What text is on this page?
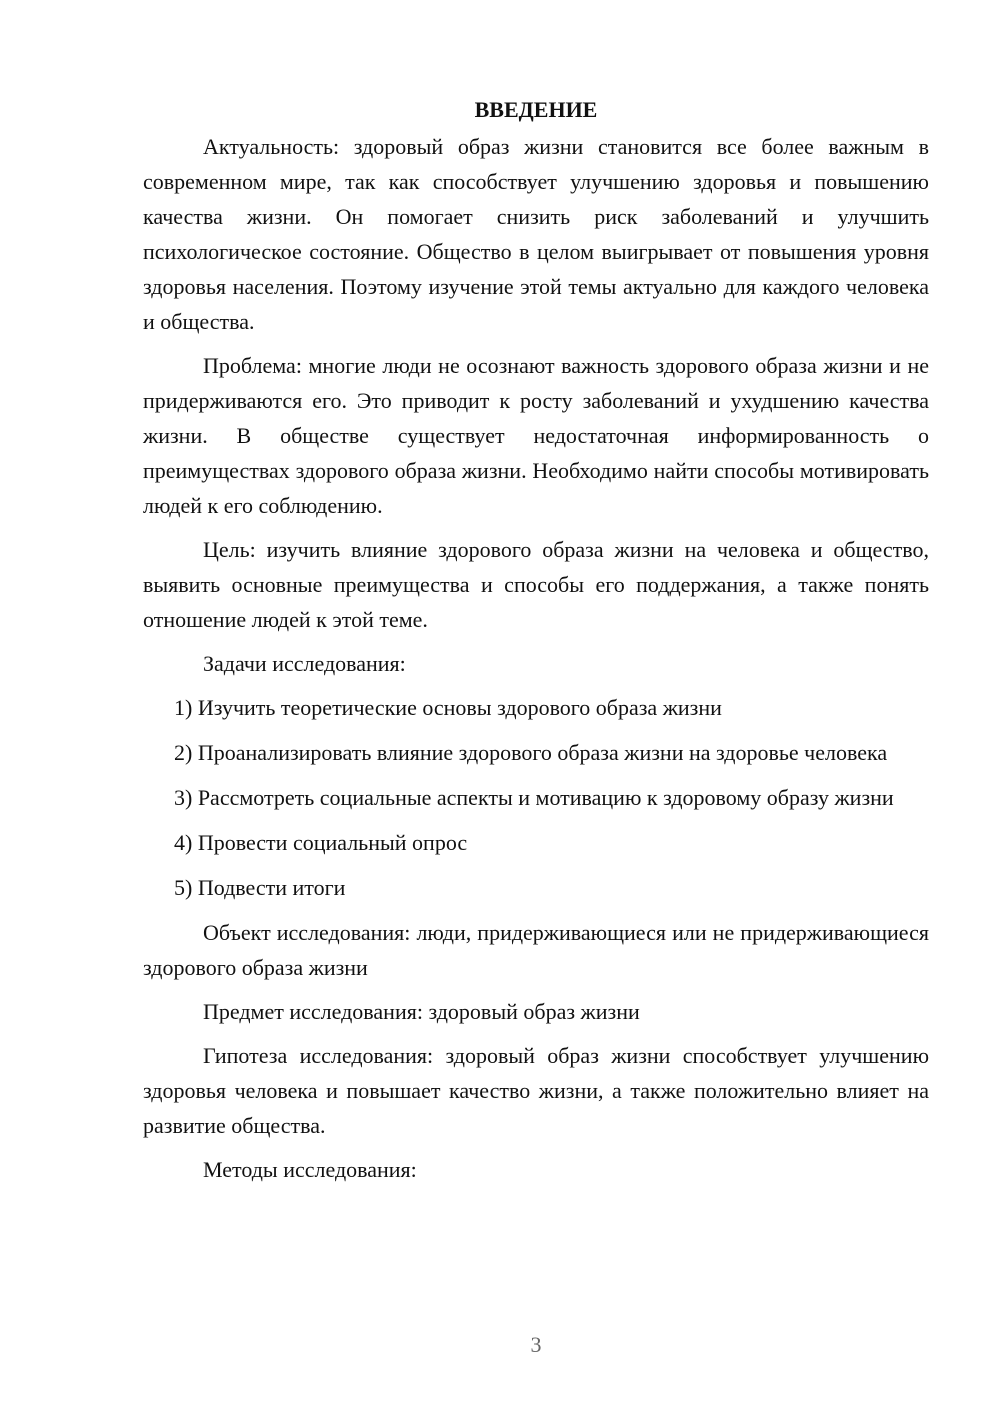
ВВЕДЕНИЕ

Актуальность: здоровый образ жизни становится все более важным в современном мире, так как способствует улучшению здоровья и повышению качества жизни. Он помогает снизить риск заболеваний и улучшить психологическое состояние. Общество в целом выигрывает от повышения уровня здоровья населения. Поэтому изучение этой темы актуально для каждого человека и общества.

Проблема: многие люди не осознают важность здорового образа жизни и не придерживаются его. Это приводит к росту заболеваний и ухудшению качества жизни. В обществе существует недостаточная информированность о преимуществах здорового образа жизни. Необходимо найти способы мотивировать людей к его соблюдению.

Цель: изучить влияние здорового образа жизни на человека и общество, выявить основные преимущества и способы его поддержания, а также понять отношение людей к этой теме.

Задачи исследования:

1) Изучить теоретические основы здорового образа жизни

2) Проанализировать влияние здорового образа жизни на здоровье человека

3) Рассмотреть социальные аспекты и мотивацию к здоровому образу жизни

4) Провести социальный опрос

5) Подвести итоги

Объект исследования: люди, придерживающиеся или не придерживающиеся здорового образа жизни

Предмет исследования: здоровый образ жизни

Гипотеза исследования: здоровый образ жизни способствует улучшению здоровья человека и повышает качество жизни, а также положительно влияет на развитие общества.

Методы исследования:

3
